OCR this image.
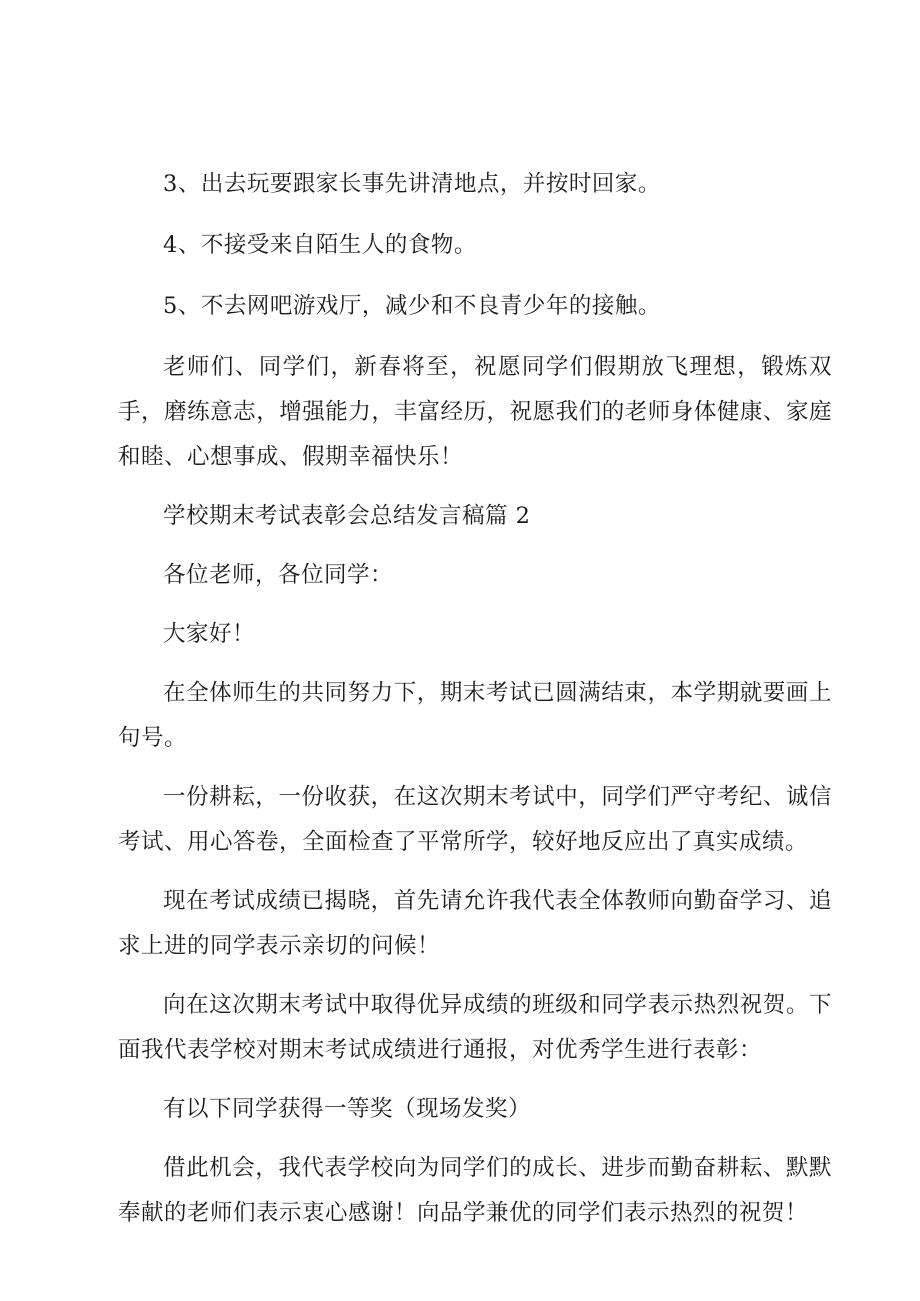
3、出去玩要跟家长事先讲清地点，并按时回家。

4、不接受来自陌生人的食物。

5、不去网吧游戏厅，减少和不良青少年的接触。

老师们、同学们，新春将至，祝愿同学们假期放飞理想，锻炼双手，磨练意志，增强能力，丰富经历，祝愿我们的老师身体健康、家庭和睦、心想事成、假期幸福快乐！

学校期末考试表彰会总结发言稿篇 2

各位老师，各位同学：

大家好！

在全体师生的共同努力下，期末考试已圆满结束，本学期就要画上句号。

一份耕耘，一份收获，在这次期末考试中，同学们严守考纪、诚信考试、用心答卷，全面检查了平常所学，较好地反应出了真实成绩。

现在考试成绩已揭晓，首先请允许我代表全体教师向勤奋学习、追求上进的同学表示亲切的问候！

向在这次期末考试中取得优异成绩的班级和同学表示热烈祝贺。下面我代表学校对期末考试成绩进行通报，对优秀学生进行表彰：

有以下同学获得一等奖（现场发奖）

借此机会，我代表学校向为同学们的成长、进步而勤奋耕耘、默默奉献的老师们表示衷心感谢！向品学兼优的同学们表示热烈的祝贺！
